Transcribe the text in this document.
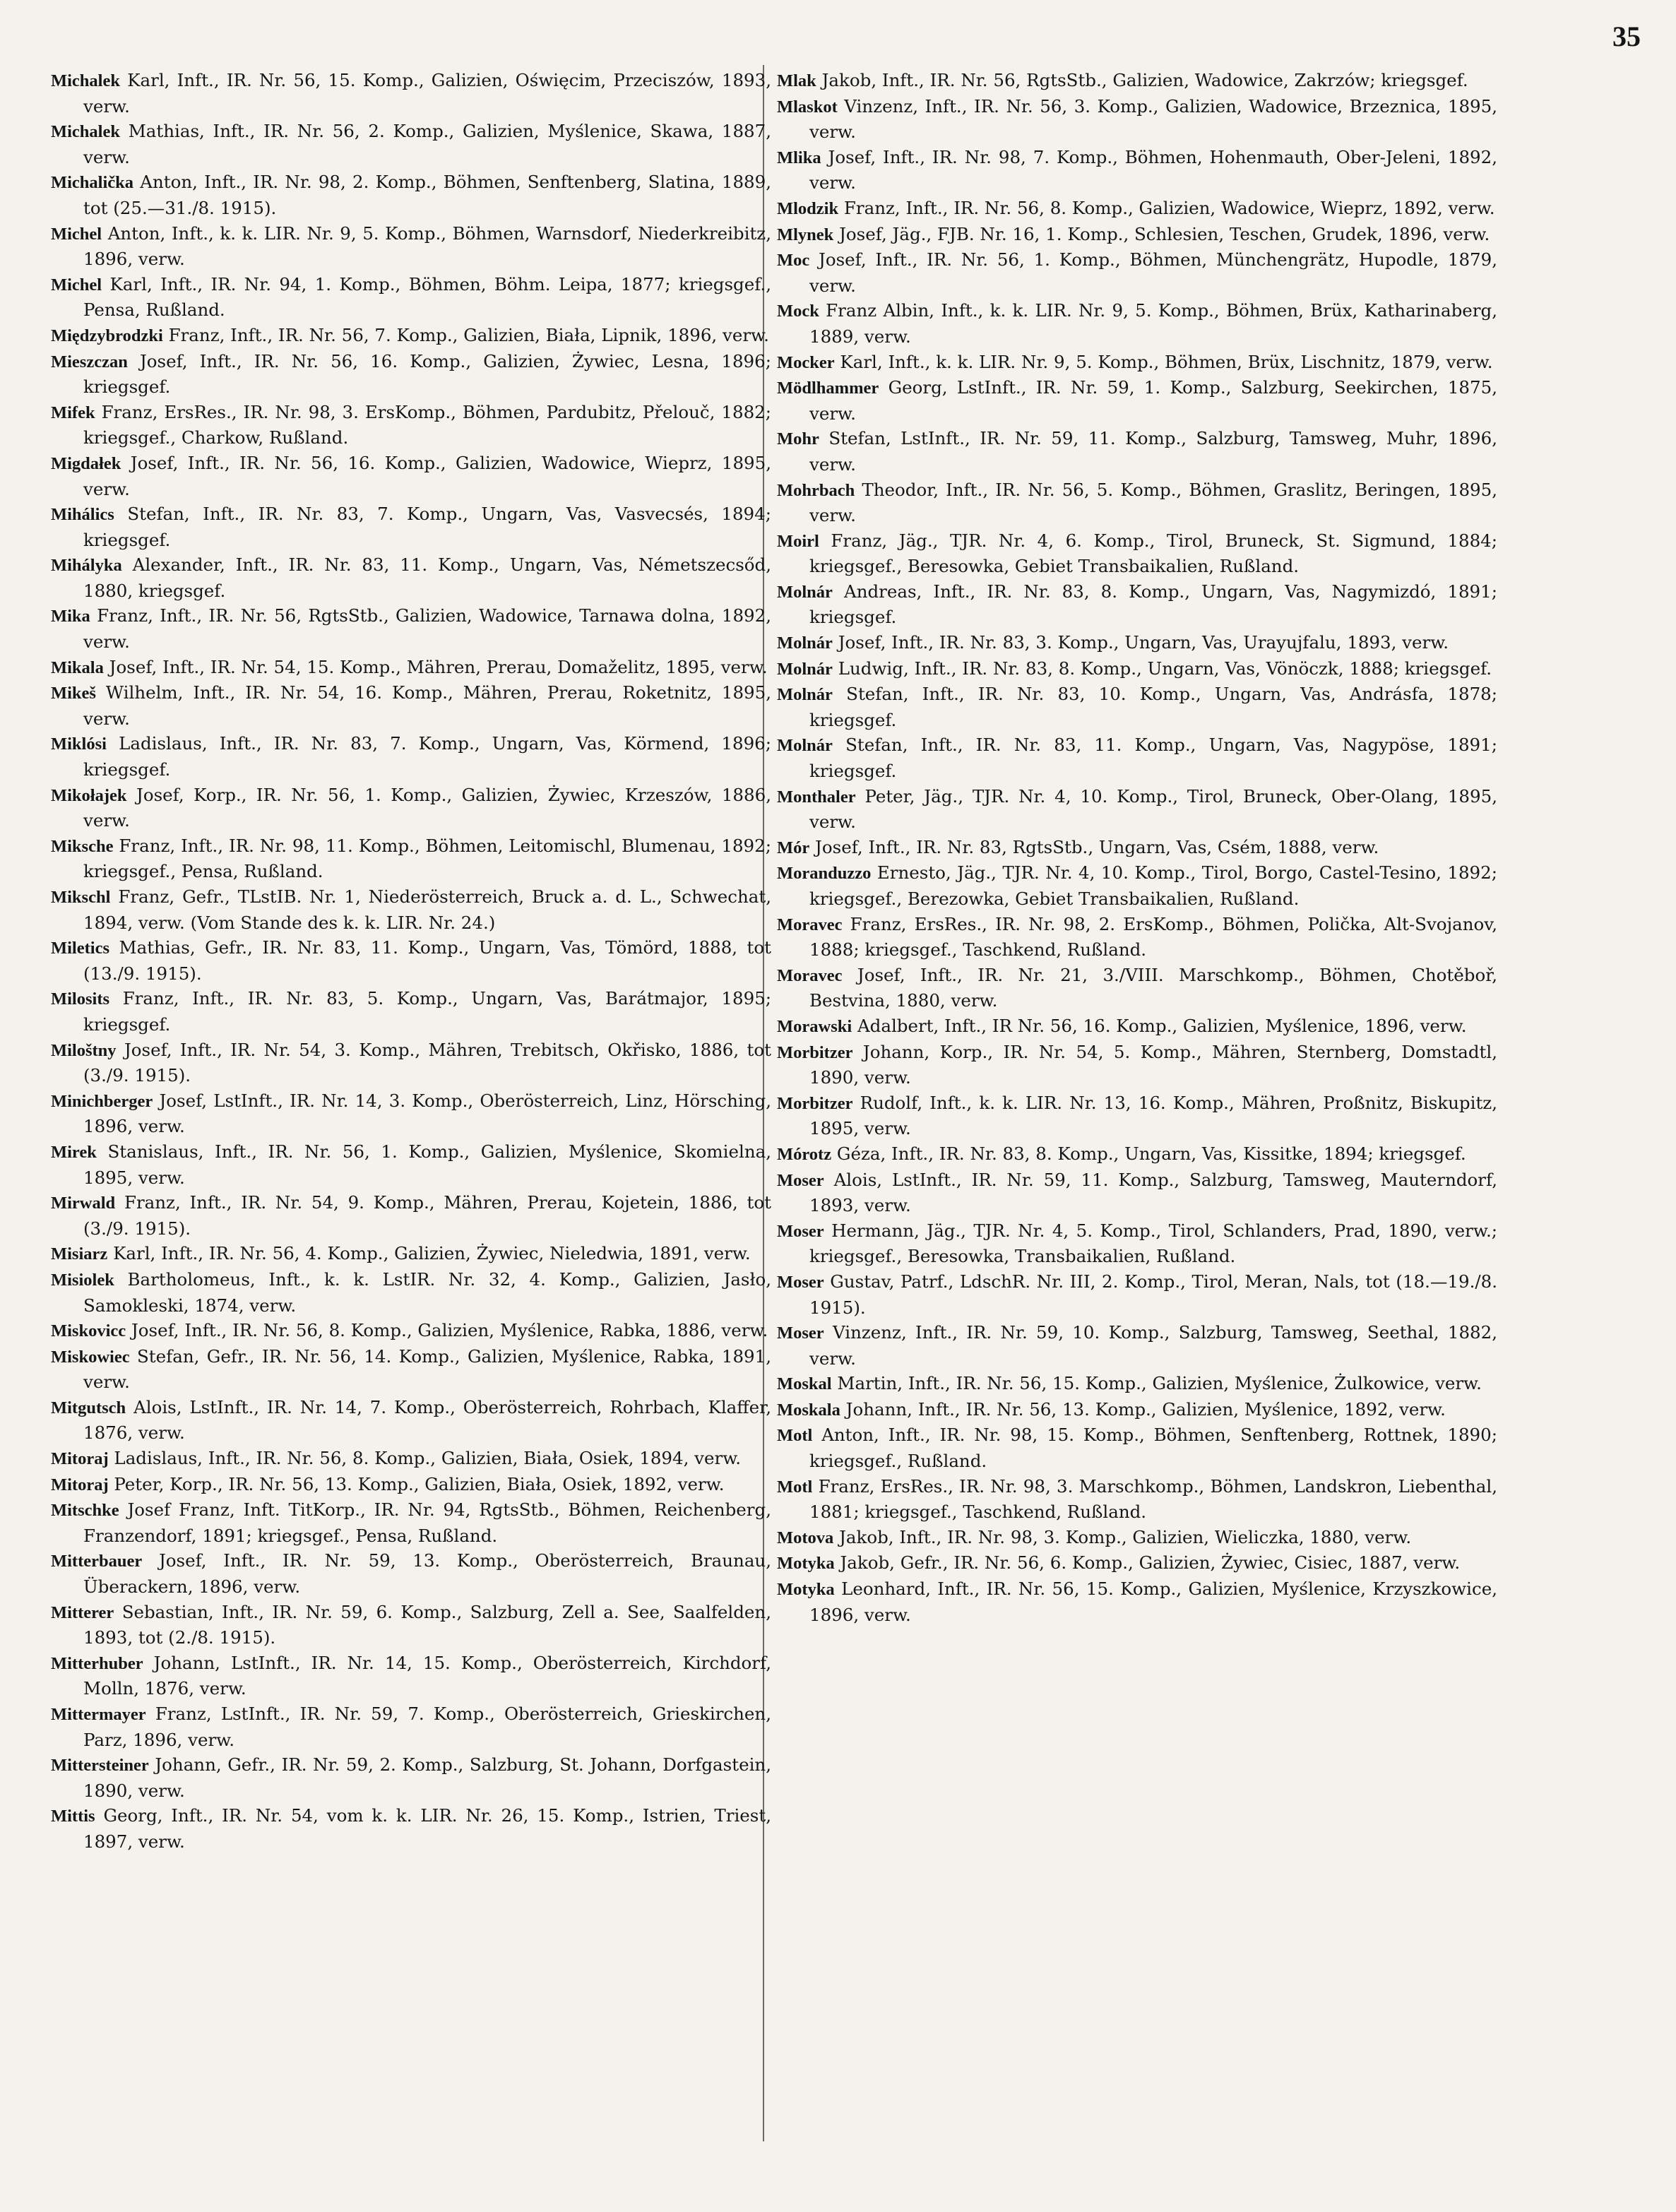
35

Michalek Karl, Inft., IR. Nr. 56, 15. Komp., Galizien, Oświęcim, Przeciszów, 1893, verw.

Michalek Mathias, Inft., IR. Nr. 56, 2. Komp., Galizien, Myślenice, Skawa, 1887, verw.

Michalička Anton, Inft., IR. Nr. 98, 2. Komp., Böhmen, Senftenberg, Slatina, 1889, tot (25.—31./8. 1915).

Michel Anton, Inft., k. k. LIR. Nr. 9, 5. Komp., Böhmen, Warnsdorf, Niederkreibitz, 1896, verw.

Michel Karl, Inft., IR. Nr. 94, 1. Komp., Böhmen, Böhm. Leipa, 1877; kriegsgef., Pensa, Rußland.

Międzybrodzki Franz, Inft., IR. Nr. 56, 7. Komp., Galizien, Biała, Lipnik, 1896, verw.

Mieszczan Josef, Inft., IR. Nr. 56, 16. Komp., Galizien, Żywiec, Lesna, 1896; kriegsgef.

Mifek Franz, ErsRes., IR. Nr. 98, 3. ErsKomp., Böhmen, Pardubitz, Přelouč, 1882; kriegsgef., Charkow, Rußland.

Migdałek Josef, Inft., IR. Nr. 56, 16. Komp., Galizien, Wadowice, Wieprz, 1895, verw.

Mihálics Stefan, Inft., IR. Nr. 83, 7. Komp., Ungarn, Vas, Vasvecsés, 1894; kriegsgef.

Mihályka Alexander, Inft., IR. Nr. 83, 11. Komp., Ungarn, Vas, Németszecsőd, 1880, kriegsgef.

Mika Franz, Inft., IR. Nr. 56, RgtsStb., Galizien, Wadowice, Tarnawa dolna, 1892, verw.

Mikala Josef, Inft., IR. Nr. 54, 15. Komp., Mähren, Prerau, Domaželitz, 1895, verw.

Mikeš Wilhelm, Inft., IR. Nr. 54, 16. Komp., Mähren, Prerau, Roketnitz, 1895, verw.

Miklósi Ladislaus, Inft., IR. Nr. 83, 7. Komp., Ungarn, Vas, Körmend, 1896; kriegsgef.

Mikołajek Josef, Korp., IR. Nr. 56, 1. Komp., Galizien, Żywiec, Krzeszów, 1886, verw.

Miksche Franz, Inft., IR. Nr. 98, 11. Komp., Böhmen, Leitomischl, Blumenau, 1892; kriegsgef., Pensa, Rußland.

Mikschl Franz, Gefr., TLstIB. Nr. 1, Niederösterreich, Bruck a. d. L., Schwechat, 1894, verw. (Vom Stande des k. k. LIR. Nr. 24.)

Miletics Mathias, Gefr., IR. Nr. 83, 11. Komp., Ungarn, Vas, Tömörd, 1888, tot (13./9. 1915).

Milosits Franz, Inft., IR. Nr. 83, 5. Komp., Ungarn, Vas, Barátmajor, 1895; kriegsgef.

Miloštny Josef, Inft., IR. Nr. 54, 3. Komp., Mähren, Trebitsch, Okřisko, 1886, tot (3./9. 1915).

Minichberger Josef, LstInft., IR. Nr. 14, 3. Komp., Oberösterreich, Linz, Hörsching, 1896, verw.

Mirek Stanislaus, Inft., IR. Nr. 56, 1. Komp., Galizien, Myślenice, Skomielna, 1895, verw.

Mirwald Franz, Inft., IR. Nr. 54, 9. Komp., Mähren, Prerau, Kojetein, 1886, tot (3./9. 1915).

Misiarz Karl, Inft., IR. Nr. 56, 4. Komp., Galizien, Żywiec, Nieledwia, 1891, verw.

Misiolek Bartholomeus, Inft., k. k. LstIR. Nr. 32, 4. Komp., Galizien, Jasło, Samokleski, 1874, verw.

Miskovicc Josef, Inft., IR. Nr. 56, 8. Komp., Galizien, Myślenice, Rabka, 1886, verw.

Miskowiec Stefan, Gefr., IR. Nr. 56, 14. Komp., Galizien, Myślenice, Rabka, 1891, verw.

Mitgutsch Alois, LstInft., IR. Nr. 14, 7. Komp., Oberösterreich, Rohrbach, Klaffer, 1876, verw.

Mitoraj Ladislaus, Inft., IR. Nr. 56, 8. Komp., Galizien, Biała, Osiek, 1894, verw.

Mitoraj Peter, Korp., IR. Nr. 56, 13. Komp., Galizien, Biała, Osiek, 1892, verw.

Mitschke Josef Franz, Inft. TitKorp., IR. Nr. 94, RgtsStb., Böhmen, Reichenberg, Franzendorf, 1891; kriegsgef., Pensa, Rußland.

Mitterbauer Josef, Inft., IR. Nr. 59, 13. Komp., Oberösterreich, Braunau, Überackern, 1896, verw.

Mitterer Sebastian, Inft., IR. Nr. 59, 6. Komp., Salzburg, Zell a. See, Saalfelden, 1893, tot (2./8. 1915).

Mitterhuber Johann, LstInft., IR. Nr. 14, 15. Komp., Oberösterreich, Kirchdorf, Molln, 1876, verw.

Mittermayer Franz, LstInft., IR. Nr. 59, 7. Komp., Oberösterreich, Grieskirchen, Parz, 1896, verw.

Mittersteiner Johann, Gefr., IR. Nr. 59, 2. Komp., Salzburg, St. Johann, Dorfgastein, 1890, verw.

Mittis Georg, Inft., IR. Nr. 54, vom k. k. LIR. Nr. 26, 15. Komp., Istrien, Triest, 1897, verw.

Mlak Jakob, Inft., IR. Nr. 56, RgtsStb., Galizien, Wadowice, Zakrzów; kriegsgef.

Mlaskot Vinzenz, Inft., IR. Nr. 56, 3. Komp., Galizien, Wadowice, Brzeznica, 1895, verw.

Mlika Josef, Inft., IR. Nr. 98, 7. Komp., Böhmen, Hohenmauth, Ober-Jeleni, 1892, verw.

Mlodzik Franz, Inft., IR. Nr. 56, 8. Komp., Galizien, Wadowice, Wieprz, 1892, verw.

Mlynek Josef, Jäg., FJB. Nr. 16, 1. Komp., Schlesien, Teschen, Grudek, 1896, verw.

Moc Josef, Inft., IR. Nr. 56, 1. Komp., Böhmen, Münchengrätz, Hupodle, 1879, verw.

Mock Franz Albin, Inft., k. k. LIR. Nr. 9, 5. Komp., Böhmen, Brüx, Katharinaberg, 1889, verw.

Mocker Karl, Inft., k. k. LIR. Nr. 9, 5. Komp., Böhmen, Brüx, Lischnitz, 1879, verw.

Mödlhammer Georg, LstInft., IR. Nr. 59, 1. Komp., Salzburg, Seekirchen, 1875, verw.

Mohr Stefan, LstInft., IR. Nr. 59, 11. Komp., Salzburg, Tamsweg, Muhr, 1896, verw.

Mohrbach Theodor, Inft., IR. Nr. 56, 5. Komp., Böhmen, Graslitz, Beringen, 1895, verw.

Moirl Franz, Jäg., TJR. Nr. 4, 6. Komp., Tirol, Bruneck, St. Sigmund, 1884; kriegsgef., Beresowka, Gebiet Transbaikalien, Rußland.

Molnár Andreas, Inft., IR. Nr. 83, 8. Komp., Ungarn, Vas, Nagymizdó, 1891; kriegsgef.

Molnár Josef, Inft., IR. Nr. 83, 3. Komp., Ungarn, Vas, Urayujfalu, 1893, verw.

Molnár Ludwig, Inft., IR. Nr. 83, 8. Komp., Ungarn, Vas, Vönöczk, 1888; kriegsgef.

Molnár Stefan, Inft., IR. Nr. 83, 10. Komp., Ungarn, Vas, Andrásfa, 1878; kriegsgef.

Molnár Stefan, Inft., IR. Nr. 83, 11. Komp., Ungarn, Vas, Nagypöse, 1891; kriegsgef.

Monthaler Peter, Jäg., TJR. Nr. 4, 10. Komp., Tirol, Bruneck, Ober-Olang, 1895, verw.

Mór Josef, Inft., IR. Nr. 83, RgtsStb., Ungarn, Vas, Csém, 1888, verw.

Moranduzzo Ernesto, Jäg., TJR. Nr. 4, 10. Komp., Tirol, Borgo, Castel-Tesino, 1892; kriegsgef., Berezowka, Gebiet Transbaikalien, Rußland.

Moravec Franz, ErsRes., IR. Nr. 98, 2. ErsKomp., Böhmen, Polička, Alt-Svojanov, 1888; kriegsgef., Taschkend, Rußland.

Moravec Josef, Inft., IR. Nr. 21, 3./VIII. Marschkomp., Böhmen, Chotěboř, Bestvina, 1880, verw.

Morawski Adalbert, Inft., IR Nr. 56, 16. Komp., Galizien, Myślenice, 1896, verw.

Morbitzer Johann, Korp., IR. Nr. 54, 5. Komp., Mähren, Sternberg, Domstadtl, 1890, verw.

Morbitzer Rudolf, Inft., k. k. LIR. Nr. 13, 16. Komp., Mähren, Proßnitz, Biskupitz, 1895, verw.

Mórotz Géza, Inft., IR. Nr. 83, 8. Komp., Ungarn, Vas, Kissitke, 1894; kriegsgef.

Moser Alois, LstInft., IR. Nr. 59, 11. Komp., Salzburg, Tamsweg, Mauterndorf, 1893, verw.

Moser Hermann, Jäg., TJR. Nr. 4, 5. Komp., Tirol, Schlanders, Prad, 1890, verw.; kriegsgef., Beresowka, Transbaikalien, Rußland.

Moser Gustav, Patrf., LdschR. Nr. III, 2. Komp., Tirol, Meran, Nals, tot (18.—19./8. 1915).

Moser Vinzenz, Inft., IR. Nr. 59, 10. Komp., Salzburg, Tamsweg, Seethal, 1882, verw.

Moskal Martin, Inft., IR. Nr. 56, 15. Komp., Galizien, Myślenice, Żulkowice, verw.

Moskala Johann, Inft., IR. Nr. 56, 13. Komp., Galizien, Myślenice, 1892, verw.

Motl Anton, Inft., IR. Nr. 98, 15. Komp., Böhmen, Senftenberg, Rottnek, 1890; kriegsgef., Rußland.

Motl Franz, ErsRes., IR. Nr. 98, 3. Marschkomp., Böhmen, Landskron, Liebenthal, 1881; kriegsgef., Taschkend, Rußland.

Motova Jakob, Inft., IR. Nr. 98, 3. Komp., Galizien, Wieliczka, 1880, verw.

Motyka Jakob, Gefr., IR. Nr. 56, 6. Komp., Galizien, Żywiec, Cisiec, 1887, verw.

Motyka Leonhard, Inft., IR. Nr. 56, 15. Komp., Galizien, Myślenice, Krzyszkowice, 1896, verw.
